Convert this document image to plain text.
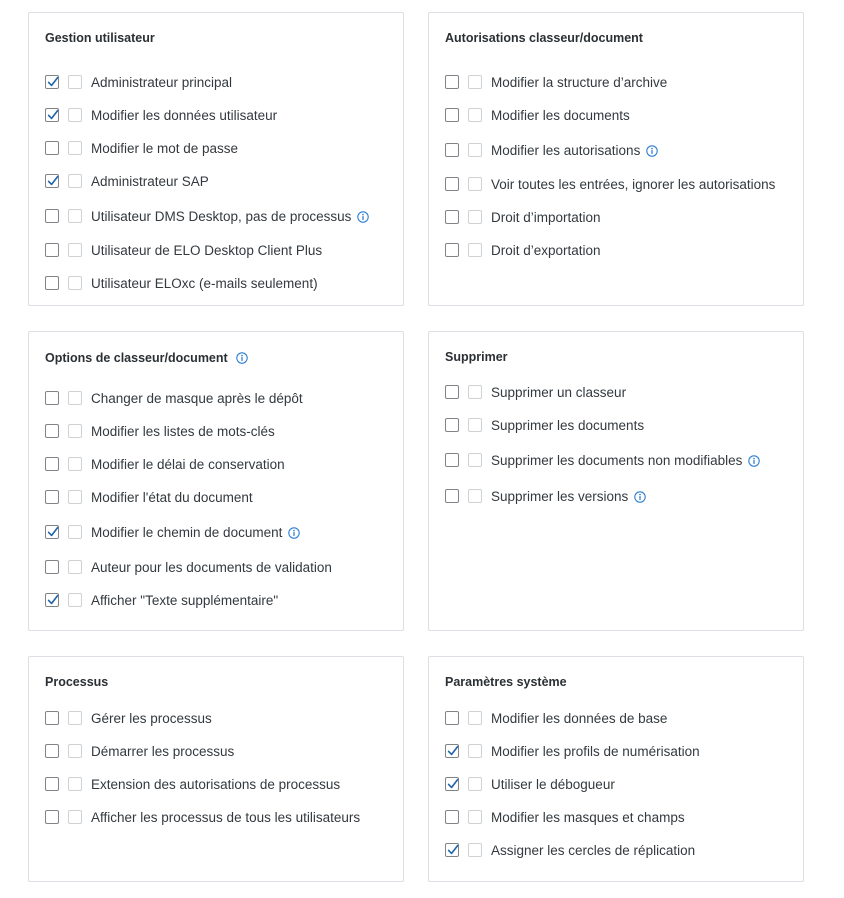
Gestion utilisateur
Administrateur principal
Modifier les données utilisateur
Modifier le mot de passe
Administrateur SAP
Utilisateur DMS Desktop, pas de processus
Utilisateur de ELO Desktop Client Plus
Utilisateur ELOxc (e-mails seulement)
Autorisations classeur/document
Modifier la structure d’archive
Modifier les documents
Modifier les autorisations
Voir toutes les entrées, ignorer les autorisations
Droit d’importation
Droit d’exportation
Options de classeur/document
Changer de masque après le dépôt
Modifier les listes de mots-clés
Modifier le délai de conservation
Modifier l'état du document
Modifier le chemin de document
Auteur pour les documents de validation
Afficher "Texte supplémentaire"
Supprimer
Supprimer un classeur
Supprimer les documents
Supprimer les documents non modifiables
Supprimer les versions
Processus
Gérer les processus
Démarrer les processus
Extension des autorisations de processus
Afficher les processus de tous les utilisateurs
Paramètres système
Modifier les données de base
Modifier les profils de numérisation
Utiliser le débogueur
Modifier les masques et champs
Assigner les cercles de réplication
